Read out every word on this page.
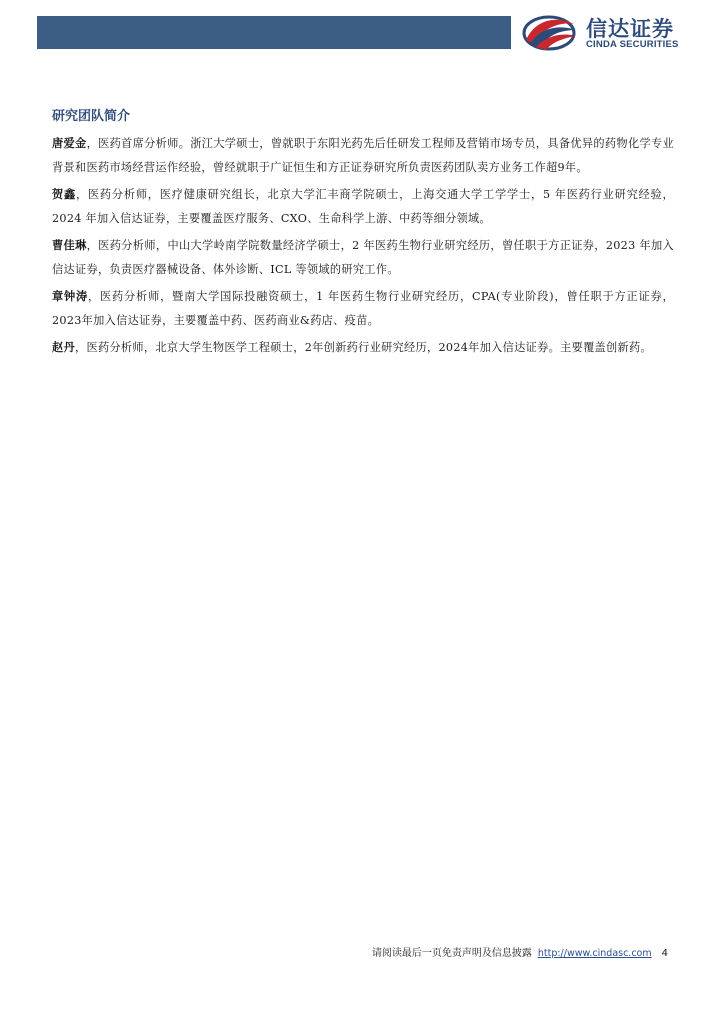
信达证券
CINDA SECURITIES
研究团队简介

唐爱金，医药首席分析师。浙江大学硕士，曾就职于东阳光药先后任研发工程师及营销市场专员，具备优异的药物化学专业背景和医药市场经营运作经验，曾经就职于广证恒生和方正证券研究所负责医药团队卖方业务工作超9年。

贺鑫，医药分析师，医疗健康研究组长，北京大学汇丰商学院硕士，上海交通大学工学学士，5 年医药行业研究经验，2024 年加入信达证券，主要覆盖医疗服务、CXO、生命科学上游、中药等细分领域。

曹佳琳，医药分析师，中山大学岭南学院数量经济学硕士，2 年医药生物行业研究经历，曾任职于方正证券，2023 年加入信达证券，负责医疗器械设备、体外诊断、ICL 等领域的研究工作。

章钟涛，医药分析师，暨南大学国际投融资硕士，1 年医药生物行业研究经历，CPA(专业阶段)，曾任职于方正证券，2023年加入信达证券，主要覆盖中药、医药商业&药店、疫苗。

赵丹，医药分析师，北京大学生物医学工程硕士，2年创新药行业研究经历，2024年加入信达证券。主要覆盖创新药。

请阅读最后一页免责声明及信息披露 http://www.cindasc.com 4
